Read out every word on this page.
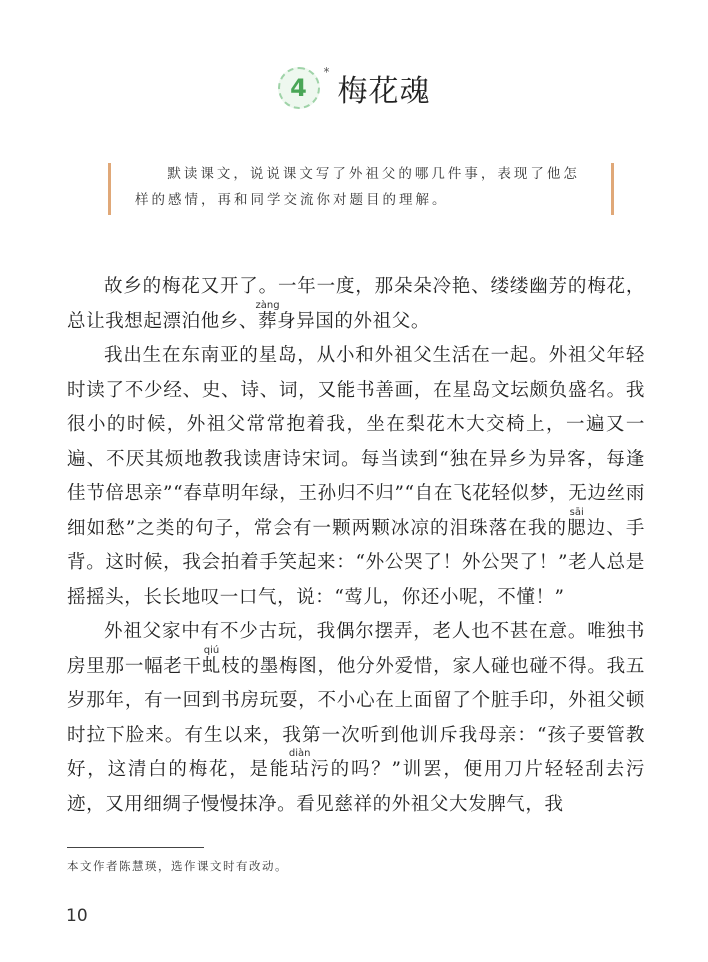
4
*
梅花魂

默读课文，说说课文写了外祖父的哪几件事，表现了他怎样的感情，再和同学交流你对题目的理解。

故乡的梅花又开了。一年一度，那朵朵冷艳、缕缕幽芳的梅花，总让我想起漂泊他乡、葬zàng身异国的外祖父。

我出生在东南亚的星岛，从小和外祖父生活在一起。外祖父年轻时读了不少经、史、诗、词，又能书善画，在星岛文坛颇负盛名。我很小的时候，外祖父常常抱着我，坐在梨花木大交椅上，一遍又一遍、不厌其烦地教我读唐诗宋词。每当读到“独在异乡为异客，每逢佳节倍思亲”“春草明年绿，王孙归不归”“自在飞花轻似梦，无边丝雨细如愁”之类的句子，常会有一颗两颗冰凉的泪珠落在我的腮sāi边、手背。这时候，我会拍着手笑起来：“外公哭了！外公哭了！”老人总是摇摇头，长长地叹一口气，说：“莺儿，你还小呢，不懂！”

外祖父家中有不少古玩，我偶尔摆弄，老人也不甚在意。唯独书房里那一幅老干虬qiú枝的墨梅图，他分外爱惜，家人碰也碰不得。我五岁那年，有一回到书房玩耍，不小心在上面留了个脏手印，外祖父顿时拉下脸来。有生以来，我第一次听到他训斥我母亲：“孩子要管教好，这清白的梅花，是能玷diàn污的吗？”训罢，便用刀片轻轻刮去污迹，又用细绸子慢慢抹净。看见慈祥的外祖父大发脾气，我

本文作者陈慧瑛，选作课文时有改动。
10
